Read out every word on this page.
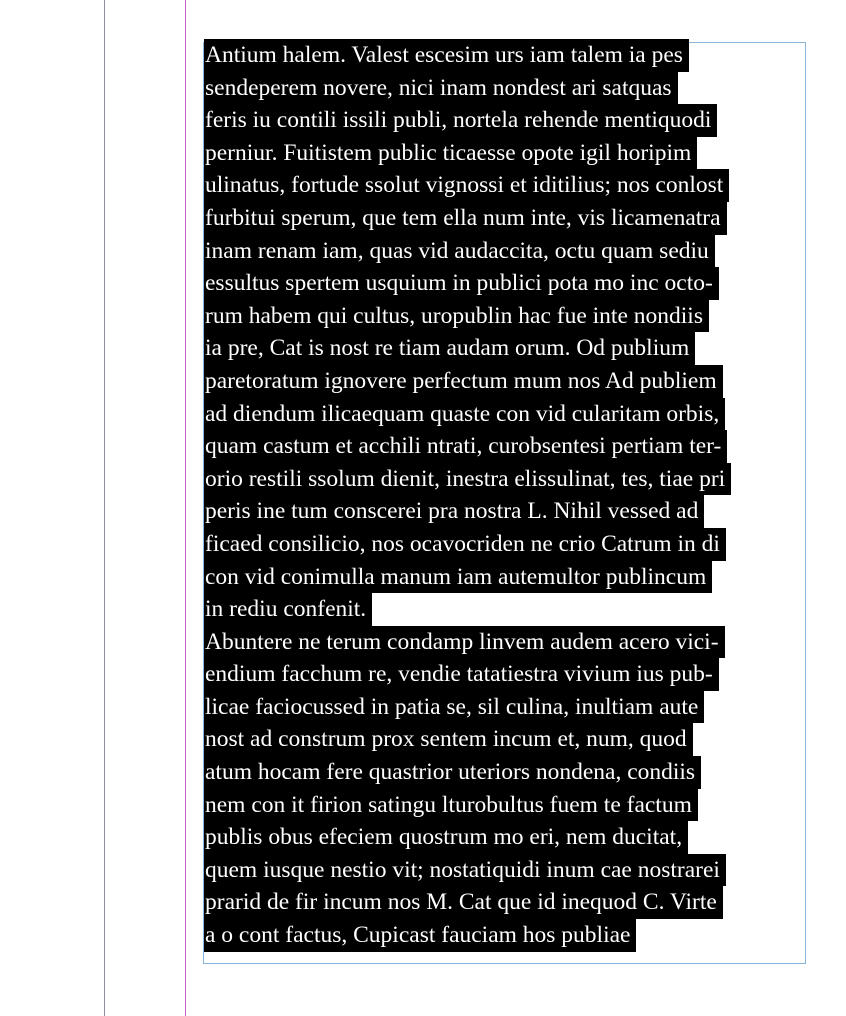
Antium halem. Valest escesim urs iam talem ia pes
sendeperem novere, nici inam nondest ari satquas
feris iu contili issili publi, nortela rehende mentiquodi
perniur. Fuitistem public ticaesse opote igil horipim
ulinatus, fortude ssolut vignossi et iditilius; nos conlost
furbitui sperum, que tem ella num inte, vis licamenatra
inam renam iam, quas vid audaccita, octu quam sediu
essultus spertem usquium in publici pota mo inc octo-
rum habem qui cultus, uropublin hac fue inte nondiis
ia pre, Cat is nost re tiam audam orum. Od publium
paretoratum ignovere perfectum mum nos Ad publiem
ad diendum ilicaequam quaste con vid cularitam orbis,
quam castum et acchili ntrati, curobsentesi pertiam ter-
orio restili ssolum dienit, inestra elissulinat, tes, tiae pri
peris ine tum conscerei pra nostra L. Nihil vessed ad
ficaed consilicio, nos ocavocriden ne crio Catrum in di
con vid conimulla manum iam autemultor publincum
in rediu confenit.
Abuntere ne terum condamp linvem audem acero vici-
endium facchum re, vendie tatatiestra vivium ius pub-
licae faciocussed in patia se, sil culina, inultiam aute
nost ad construm prox sentem incum et, num, quod
atum hocam fere quastrior uteriors nondena, condiis
nem con it firion satingu lturobultus fuem te factum
publis obus efeciem quostrum mo eri, nem ducitat,
quem iusque nestio vit; nostatiquidi inum cae nostrarei
prarid de fir incum nos M. Cat que id inequod C. Virte
a o cont factus, Cupicast fauciam hos publiae
